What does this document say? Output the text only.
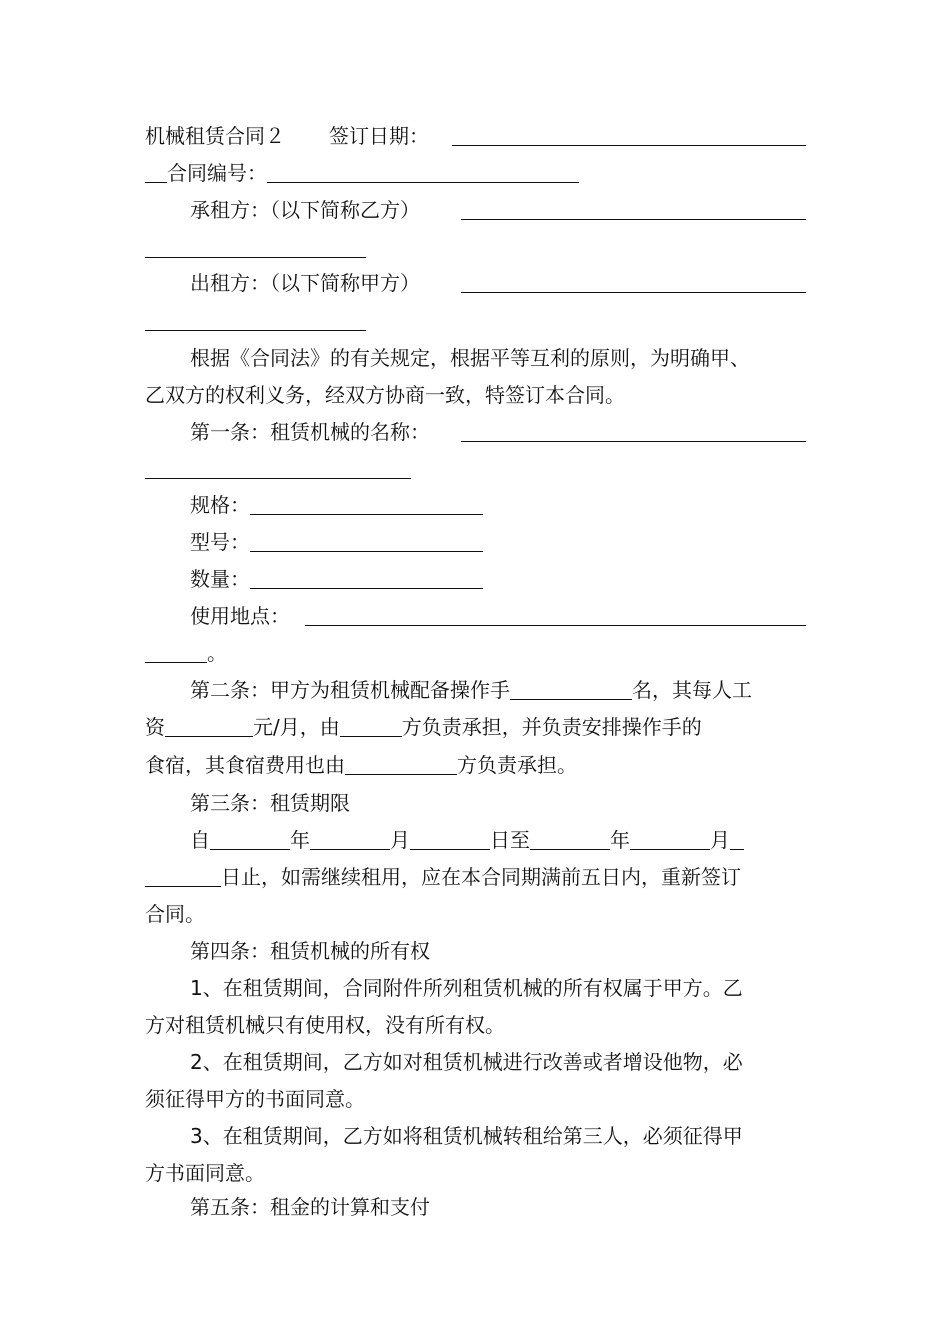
机械租赁合同２ 签订日期：
合同编号：
承租方：（以下简称乙方）
出租方：（以下简称甲方）
根据《合同法》的有关规定，根据平等互利的原则，为明确甲、
乙双方的权利义务，经双方协商一致，特签订本合同。
第一条：租赁机械的名称：
规格：
型号：
数量：
使用地点：
。
第二条：甲方为租赁机械配备操作手	名，其每人工
资	元/月，由	方负责承担，并负责安排操作手的
食宿，其食宿费用也由	方负责承担。
第三条：租赁期限
自	年	月	日至	年	月
日止，如需继续租用，应在本合同期满前五日内，重新签订
合同。
第四条：租赁机械的所有权
1、在租赁期间，合同附件所列租赁机械的所有权属于甲方。乙
方对租赁机械只有使用权，没有所有权。
2、在租赁期间，乙方如对租赁机械进行改善或者增设他物，必
须征得甲方的书面同意。
3、在租赁期间，乙方如将租赁机械转租给第三人，必须征得甲
方书面同意。
第五条：租金的计算和支付
